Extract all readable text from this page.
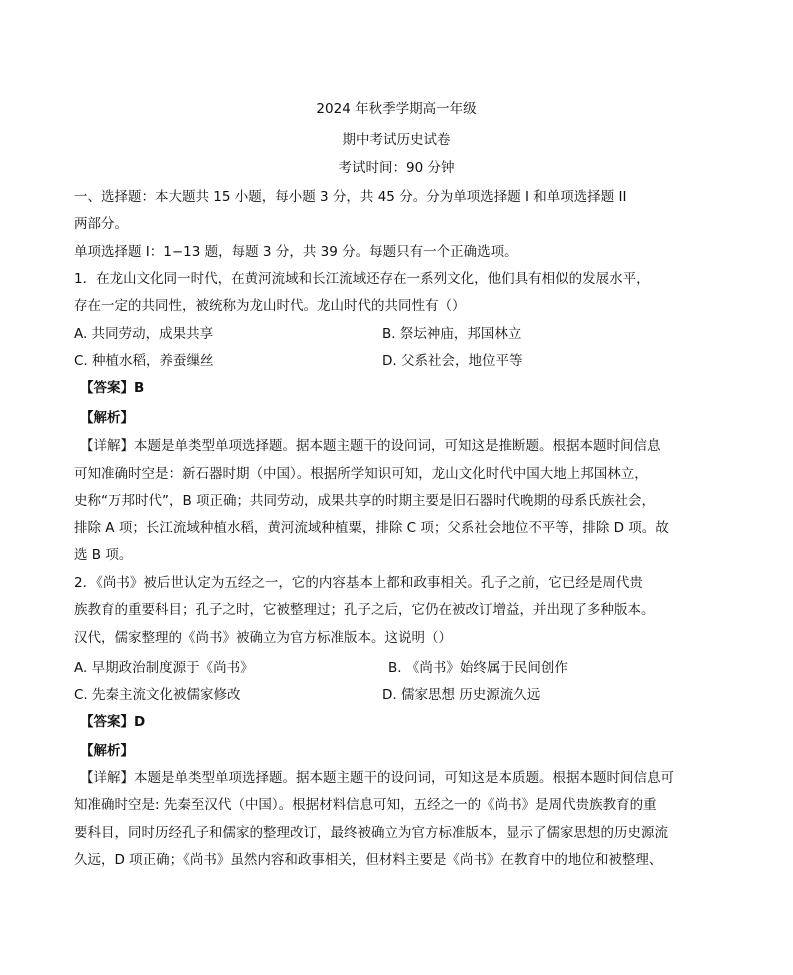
2024 年秋季学期高一年级
期中考试历史试卷
考试时间：90 分钟
一、选择题：本大题共 15 小题，每小题 3 分，共 45 分。分为单项选择题 I 和单项选择题 II
两部分。
单项选择题 I：1−13 题，每题 3 分，共 39 分。每题只有一个正确选项。
1．在龙山文化同一时代，在黄河流域和长江流域还存在一系列文化，他们具有相似的发展水平，
存在一定的共同性，被统称为龙山时代。龙山时代的共同性有（）
A. 共同劳动，成果共享	B. 祭坛神庙，邦国林立
C. 种植水稻，养蚕缫丝	D. 父系社会，地位平等
【答案】B
【解析】
【详解】本题是单类型单项选择题。据本题主题干的设问词，可知这是推断题。根据本题时间信息
可知准确时空是：新石器时期（中国）。根据所学知识可知，龙山文化时代中国大地上邦国林立，
史称“万邦时代”，B 项正确；共同劳动，成果共享的时期主要是旧石器时代晚期的母系氏族社会，
排除 A 项；长江流域种植水稻，黄河流域种植粟，排除 C 项；父系社会地位不平等，排除 D 项。故
选 B 项。
2．《尚书》被后世认定为五经之一，它的内容基本上都和政事相关。孔子之前，它已经是周代贵
族教育的重要科目；孔子之时，它被整理过；孔子之后，它仍在被改订增益，并出现了多种版本。
汉代，儒家整理的《尚书》被确立为官方标准版本。这说明（）
A. 早期政治制度源于《尚书》	B. 《尚书》始终属于民间创作
C. 先秦主流文化被儒家修改	D. 儒家思想 历史源流久远
【答案】D
【解析】
【详解】本题是单类型单项选择题。据本题主题干的设问词，可知这是本质题。根据本题时间信息可
知准确时空是: 先秦至汉代（中国）。根据材料信息可知，五经之一的《尚书》是周代贵族教育的重
要科目，同时历经孔子和儒家的整理改订，最终被确立为官方标准版本，显示了儒家思想的历史源流
久远，D 项正确；《尚书》虽然内容和政事相关，但材料主要是《尚书》在教育中的地位和被整理、
